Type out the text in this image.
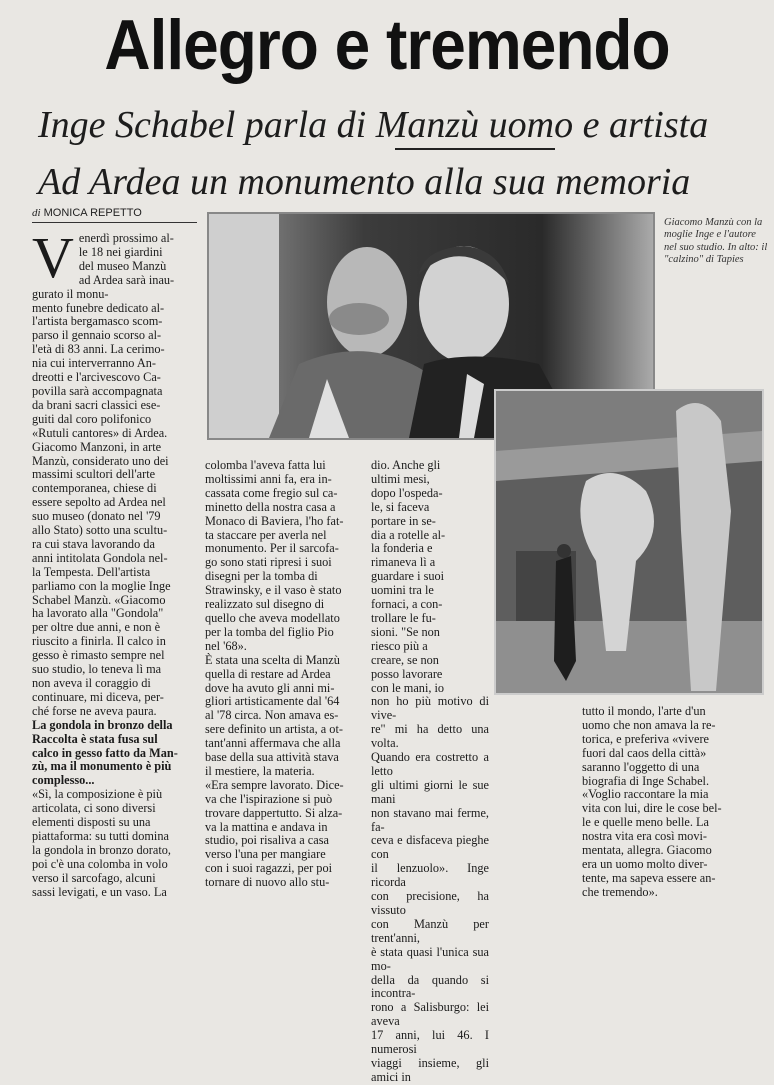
Allegro e tremendo
Inge Schabel parla di Manzù uomo e artista
Ad Ardea un monumento alla sua memoria
di MONICA REPETTO
Giacomo Manzù con la moglie Inge e l'autore nel suo studio. In alto: il "calzino" di Tapies
V enerdì prossimo al-
le 18 nei giardini
del museo Manzù
ad Ardea sarà inau-
gurato il monu-
mento funebre dedicato al-
l'artista bergamasco scom-
parso il gennaio scorso al-
l'età di 83 anni. La cerimo-
nia cui interverranno An-
dreotti e l'arcivescovo Ca-
povilla sarà accompagnata
da brani sacri classici ese-
guiti dal coro polifonico
«Rutuli cantores» di Ardea.
Giacomo Manzoni, in arte
Manzù, considerato uno dei
massimi scultori dell'arte
contemporanea, chiese di
essere sepolto ad Ardea nel
suo museo (donato nel '79
allo Stato) sotto una scultu-
ra cui stava lavorando da
anni intitolata Gondola nel-
la Tempesta. Dell'artista
parliamo con la moglie Inge
Schabel Manzù. «Giacomo
ha lavorato alla "Gondola"
per oltre due anni, e non è
riuscito a finirla. Il calco in
gesso è rimasto sempre nel
suo studio, lo teneva lì ma
non aveva il coraggio di
continuare, mi diceva, per-
ché forse ne aveva paura.
La gondola in bronzo della
Raccolta è stata fusa sul
calco in gesso fatto da Man-
zù, ma il monumento è più
complesso...
«Sì, la composizione è più
articolata, ci sono diversi
elementi disposti su una
piattaforma: su tutti domina
la gondola in bronzo dorato,
poi c'è una colomba in volo
verso il sarcofago, alcuni
sassi levigati, e un vaso. La
colomba l'aveva fatta lui
moltissimi anni fa, era in-
cassata come fregio sul ca-
minetto della nostra casa a
Monaco di Baviera, l'ho fat-
ta staccare per averla nel
monumento. Per il sarcofa-
go sono stati ripresi i suoi
disegni per la tomba di
Strawinsky, e il vaso è stato
realizzato sul disegno di
quello che aveva modellato
per la tomba del figlio Pio
nel '68».
È stata una scelta di Manzù
quella di restare ad Ardea
dove ha avuto gli anni mi-
gliori artisticamente dal '64
al '78 circa. Non amava es-
sere definito un artista, a ot-
tant'anni affermava che alla
base della sua attività stava
il mestiere, la materia.
«Era sempre lavorato. Dice-
va che l'ispirazione si può
trovare dappertutto. Si alza-
va la mattina e andava in
studio, poi risaliva a casa
verso l'una per mangiare
con i suoi ragazzi, per poi
tornare di nuovo allo stu-
dio. Anche gli
ultimi mesi,
dopo l'ospeda-
le, si faceva
portare in se-
dia a rotelle al-
la fonderia e
rimaneva lì a
guardare i suoi
uomini tra le
fornaci, a con-
trollare le fu-
sioni. "Se non
riesco più a
creare, se non
posso lavorare
con le mani, io
non ho più motivo di vive-
re" mi ha detto una volta.
Quando era costretto a letto
gli ultimi giorni le sue mani
non stavano mai ferme, fa-
ceva e disfaceva pieghe con
il lenzuolo». Inge ricorda
con precisione, ha vissuto
con Manzù per trent'anni,
è stata quasi l'unica sua mo-
della da quando si incontra-
rono a Salisburgo: lei aveva
17 anni, lui 46. I numerosi
viaggi insieme, gli amici in
tutto il mondo, l'arte d'un
uomo che non amava la re-
torica, e preferiva «vivere
fuori dal caos della città»
saranno l'oggetto di una
biografia di Inge Schabel.
«Voglio raccontare la mia
vita con lui, dire le cose bel-
le e quelle meno belle. La
nostra vita era così movi-
mentata, allegra. Giacomo
era un uomo molto diver-
tente, ma sapeva essere an-
che tremendo».
